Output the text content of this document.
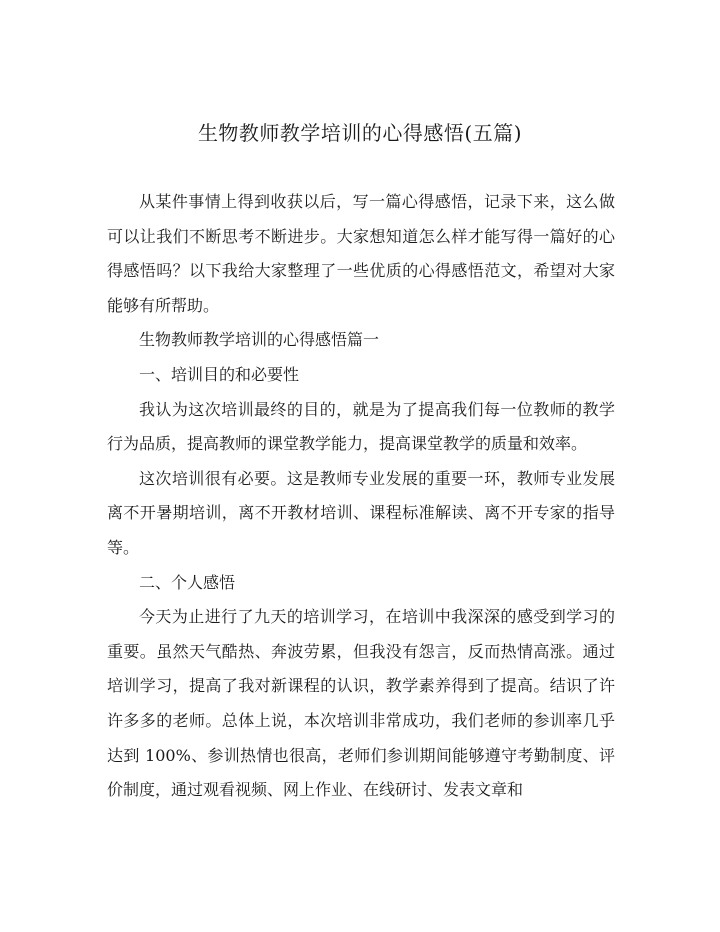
生物教师教学培训的心得感悟(五篇)

从某件事情上得到收获以后，写一篇心得感悟，记录下来，这么做可以让我们不断思考不断进步。大家想知道怎么样才能写得一篇好的心得感悟吗？以下我给大家整理了一些优质的心得感悟范文，希望对大家能够有所帮助。

生物教师教学培训的心得感悟篇一

一、培训目的和必要性

我认为这次培训最终的目的，就是为了提高我们每一位教师的教学行为品质，提高教师的课堂教学能力，提高课堂教学的质量和效率。

这次培训很有必要。这是教师专业发展的重要一环，教师专业发展离不开暑期培训，离不开教材培训、课程标准解读、离不开专家的指导等。

二、个人感悟

今天为止进行了九天的培训学习，在培训中我深深的感受到学习的重要。虽然天气酷热、奔波劳累，但我没有怨言，反而热情高涨。通过培训学习，提高了我对新课程的认识，教学素养得到了提高。结识了许许多多的老师。总体上说，本次培训非常成功，我们老师的参训率几乎达到 100%、参训热情也很高，老师们参训期间能够遵守考勤制度、评价制度，通过观看视频、网上作业、在线研讨、发表文章和
